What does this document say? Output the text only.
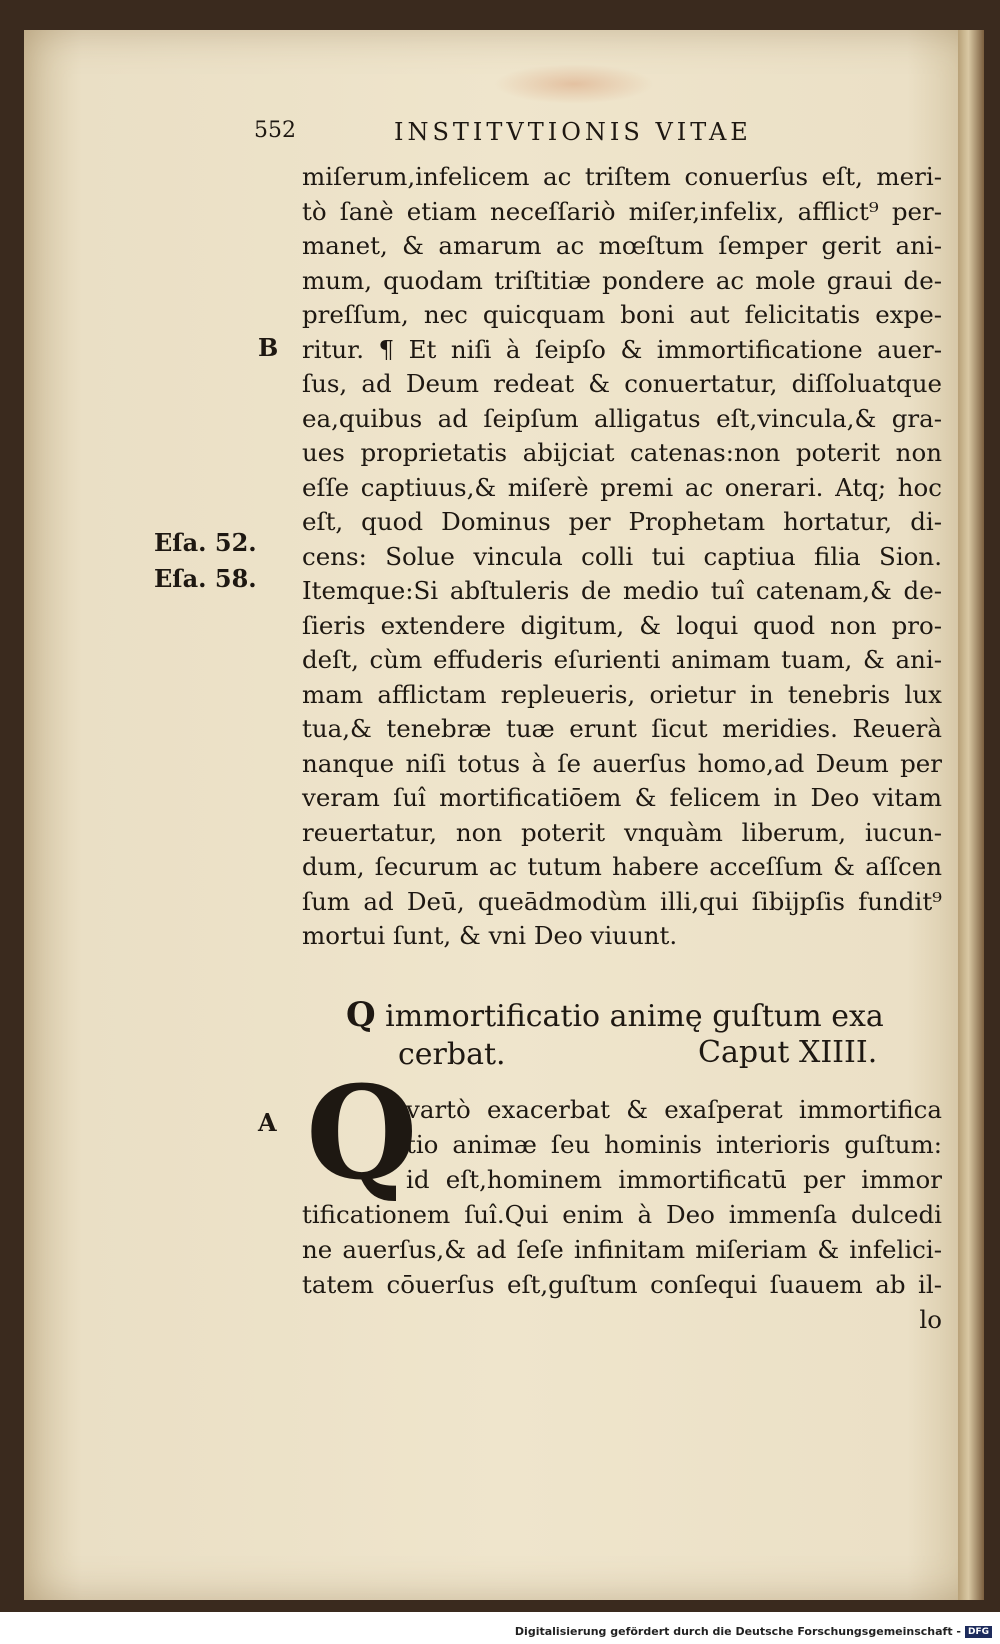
552	INSTITVTIONIS VITAE
miſerum,infelicem ac triſtem conuerſus eſt, meri-
tò ſanè etiam neceſſariò miſer,infelix, afflict⁹ per-
manet, & amarum ac mœſtum ſemper gerit ani-
mum, quodam triſtitiæ pondere ac mole graui de-
preſſum, nec quicquam boni aut felicitatis expe-
ritur. ¶ Et niſi à ſeipſo & immortificatione auer-
ſus, ad Deum redeat & conuertatur, diſſoluatque
ea,quibus ad ſeipſum alligatus eſt,vincula,& gra-
ues proprietatis abijciat catenas:non poterit non
eſſe captiuus,& miſerè premi ac onerari. Atq; hoc
eſt, quod Dominus per Prophetam hortatur, di-
cens: Solue vincula colli tui captiua filia Sion.
Itemque:Si abſtuleris de medio tuî catenam,& de-
ſieris extendere digitum, & loqui quod non pro-
deſt, cùm effuderis eſurienti animam tuam, & ani-
mam afflictam repleueris, orietur in tenebris lux
tua,& tenebræ tuæ erunt ſicut meridies. Reuerà
nanque niſi totus à ſe auerſus homo,ad Deum per
veram ſuî mortificatiōem & felicem in Deo vitam
reuertatur, non poterit vnquàm liberum, iucun-
dum, ſecurum ac tutum habere acceſſum & aſſcen
ſum ad Deū, queādmodùm illi,qui ſibijpſis fundit⁹
mortui ſunt, & vni Deo viuunt.
B
Eſa. 52.
Eſa. 58.
A
Q immortificatio animę guſtum exa
cerbat.	Caput XIIII.
Q
vartò exacerbat & exaſperat immortifica
tio animæ ſeu hominis interioris guſtum:
id eſt,hominem immortificatū per immor
tificationem ſuî.Qui enim à Deo immenſa dulcedi
ne auerſus,& ad ſeſe infinitam miſeriam & infelici-
tatem cōuerſus eſt,guſtum conſequi ſuauem ab il-
lo
Digitalisierung gefördert durch die Deutsche Forschungsgemeinschaft - DFG
